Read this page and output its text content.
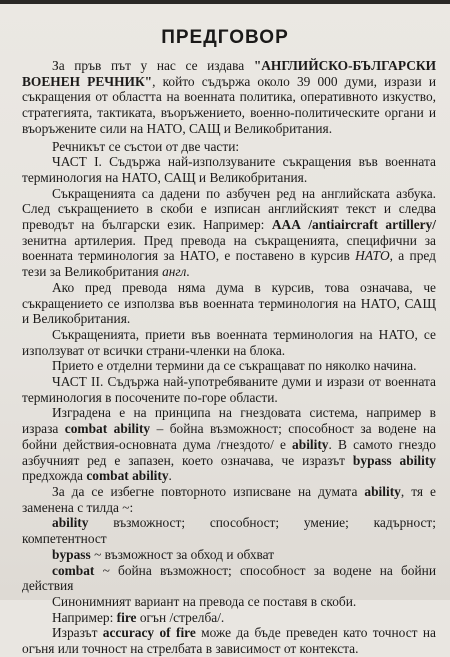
ПРЕДГОВОР

За пръв път у нас се издава "АНГЛИЙСКО-БЪЛГАРСКИ ВОЕНЕН РЕЧНИК", който съдържа около 39 000 думи, изрази и съкращения от областта на военната политика, оперативното изкуство, стратегията, тактиката, въоръжението, военно-политическите органи и въоръжените сили на НАТО, САЩ и Великобритания.

Речникът се състои от две части:

ЧАСТ I. Съдържа най-използуваните съкращения във военната терминология на НАТО, САЩ и Великобритания.

Съкращенията са дадени по азбучен ред на английската азбука. След съкращението в скоби е изписан английският текст и следва преводът на български език. Например: ААА /antiaircraft artillery/ зенитна артилерия. Пред превода на съкращенията, специфични за военната терминология за НАТО, е поставено в курсив НАТО, а пред тези за Великобритания англ.

Ако пред превода няма дума в курсив, това означава, че съкращението се използва във военната терминология на НАТО, САЩ и Великобритания.

Съкращенията, приети във военната терминология на НАТО, се използуват от всички страни-членки на блока.

Прието е отделни термини да се съкращават по няколко начина.

ЧАСТ II. Съдържа най-употребяваните думи и изрази от военната терминология в посочените по-горе области.

Изградена е на принципа на гнездовата система, например в израза combat ability – бойна възможност; способност за водене на бойни действия-основната дума /гнездото/ е ability. В самото гнездо азбучният ред е запазен, което означава, че изразът bypass ability предхожда combat ability.

За да се избегне повторното изписване на думата ability, тя е заменена с тилда ~:

ability възможност; способност; умение; кадърност; компетентност

bypass ~ възможност за обход и обхват

combat ~ бойна възможност; способност за водене на бойни действия

Синонимният вариант на превода се поставя в скоби.

Например: fire огън /стрелба/.

Изразът accuracy of fire може да бъде преведен като точност на огъня или точност на стрелбата в зависимост от контекста.
